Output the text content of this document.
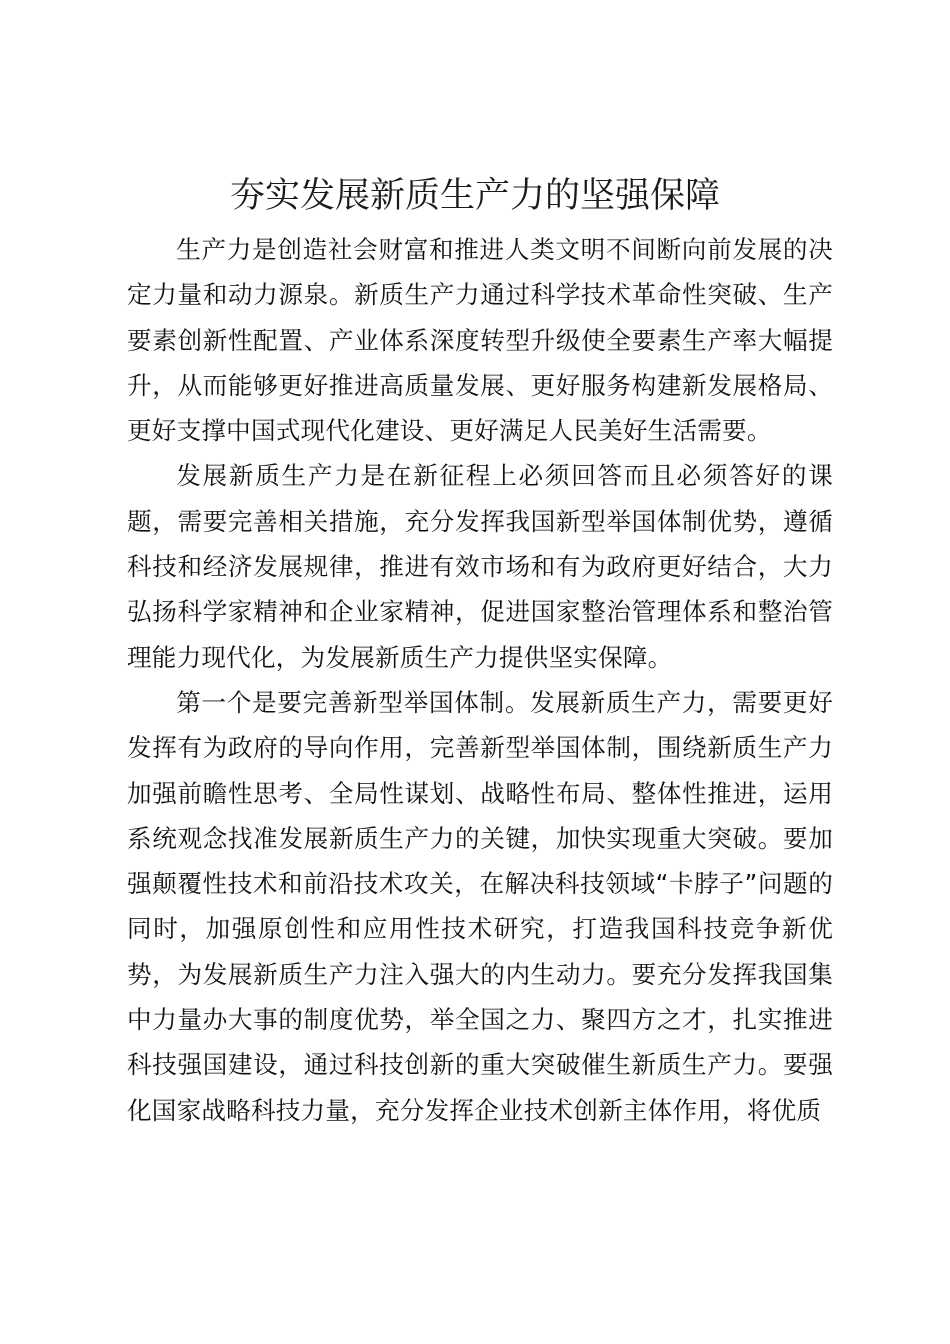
夯实发展新质生产力的坚强保障

生产力是创造社会财富和推进人类文明不间断向前发展的决定力量和动力源泉。新质生产力通过科学技术革命性突破、生产要素创新性配置、产业体系深度转型升级使全要素生产率大幅提升，从而能够更好推进高质量发展、更好服务构建新发展格局、更好支撑中国式现代化建设、更好满足人民美好生活需要。

发展新质生产力是在新征程上必须回答而且必须答好的课题，需要完善相关措施，充分发挥我国新型举国体制优势，遵循科技和经济发展规律，推进有效市场和有为政府更好结合，大力弘扬科学家精神和企业家精神，促进国家整治管理体系和整治管理能力现代化，为发展新质生产力提供坚实保障。

第一个是要完善新型举国体制。发展新质生产力，需要更好发挥有为政府的导向作用，完善新型举国体制，围绕新质生产力加强前瞻性思考、全局性谋划、战略性布局、整体性推进，运用系统观念找准发展新质生产力的关键，加快实现重大突破。要加强颠覆性技术和前沿技术攻关，在解决科技领域“卡脖子”问题的同时，加强原创性和应用性技术研究，打造我国科技竞争新优势，为发展新质生产力注入强大的内生动力。要充分发挥我国集中力量办大事的制度优势，举全国之力、聚四方之才，扎实推进科技强国建设，通过科技创新的重大突破催生新质生产力。要强化国家战略科技力量，充分发挥企业技术创新主体作用，将优质
